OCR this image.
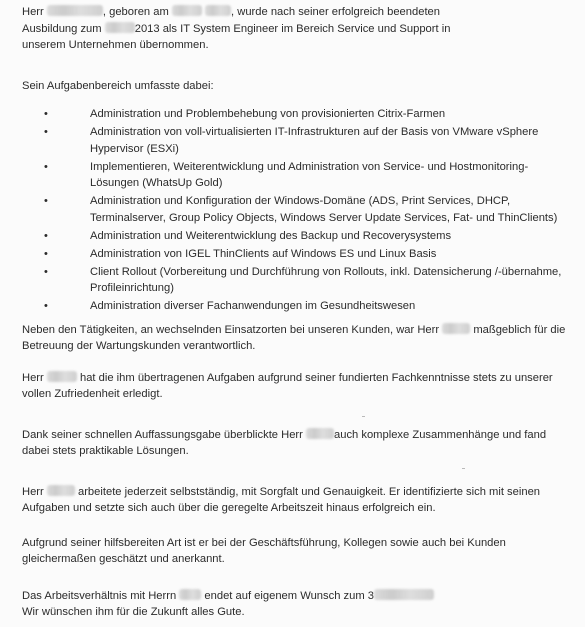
Herr	, geboren am	, wurde nach seiner erfolgreich beendeten
Ausbildung zum	2013 als IT System Engineer im Bereich Service und Support in
unserem Unternehmen übernommen.

Sein Aufgabenbereich umfasste dabei:

• Administration und Problembehebung von provisionierten Citrix-Farmen
• Administration von voll-virtualisierten IT-Infrastrukturen auf der Basis von VMware vSphere Hypervisor (ESXi)
• Implementieren, Weiterentwicklung und Administration von Service- und Hostmonitoring-Lösungen (WhatsUp Gold)
• Administration und Konfiguration der Windows-Domäne (ADS, Print Services, DHCP, Terminalserver, Group Policy Objects, Windows Server Update Services, Fat- und ThinClients)
• Administration und Weiterentwicklung des Backup und Recoverysystems
• Administration von IGEL ThinClients auf Windows ES und Linux Basis
• Client Rollout (Vorbereitung und Durchführung von Rollouts, inkl. Datensicherung /-übernahme, Profileinrichtung)
• Administration diverser Fachanwendungen im Gesundheitswesen

Neben den Tätigkeiten, an wechselnden Einsatzorten bei unseren Kunden, war Herr	maßgeblich für die Betreuung der Wartungskunden verantwortlich.

Herr	hat die ihm übertragenen Aufgaben aufgrund seiner fundierten Fachkenntnisse stets zu unserer vollen Zufriedenheit erledigt.

Dank seiner schnellen Auffassungsgabe überblickte Herr	auch komplexe Zusammenhänge und fand dabei stets praktikable Lösungen.

Herr	arbeitete jederzeit selbstständig, mit Sorgfalt und Genauigkeit. Er identifizierte sich mit seinen Aufgaben und setzte sich auch über die geregelte Arbeitszeit hinaus erfolgreich ein.

Aufgrund seiner hilfsbereiten Art ist er bei der Geschäftsführung, Kollegen sowie auch bei Kunden gleichermaßen geschätzt und anerkannt.

Das Arbeitsverhältnis mit Herrn	endet auf eigenem Wunsch zum 3
Wir wünschen ihm für die Zukunft alles Gute.
